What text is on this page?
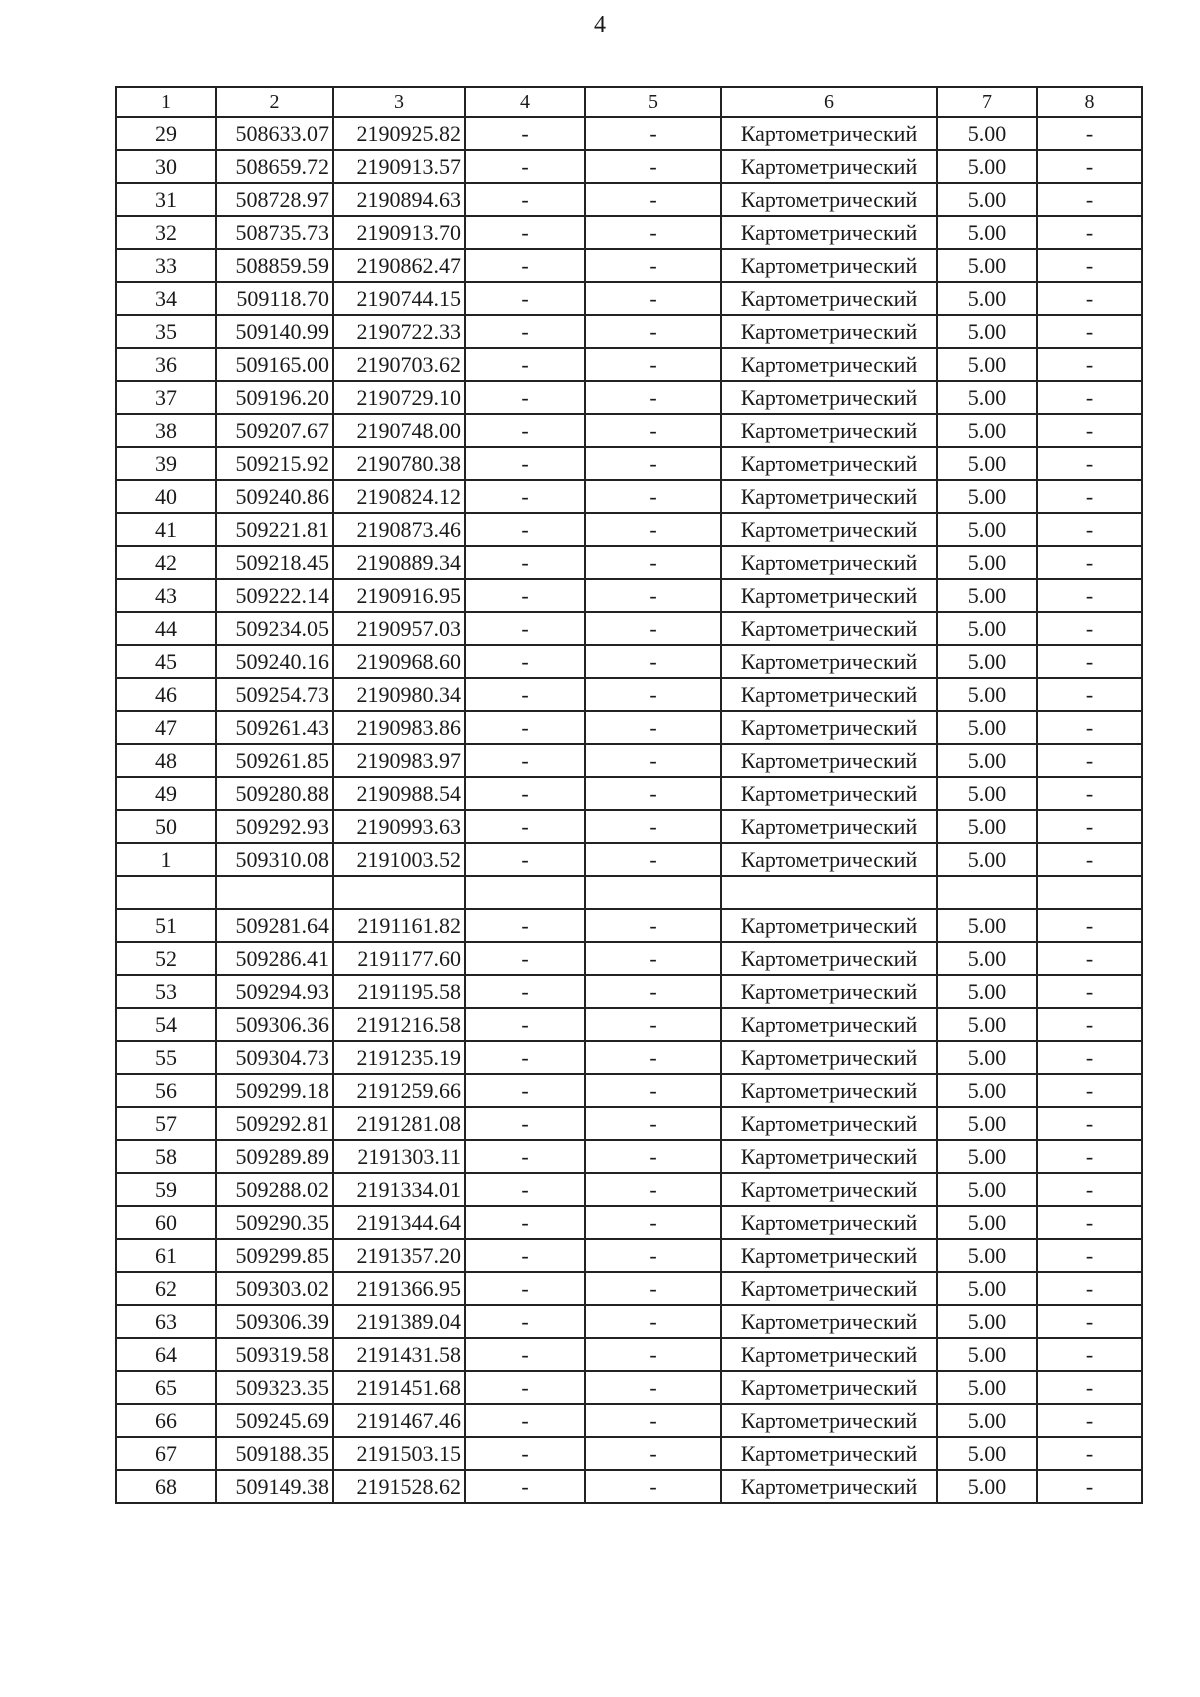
4
1	2	3	4	5	6	7	8
29	508633.07	2190925.82	-	-	Картометрический	5.00	-
30	508659.72	2190913.57	-	-	Картометрический	5.00	-
31	508728.97	2190894.63	-	-	Картометрический	5.00	-
32	508735.73	2190913.70	-	-	Картометрический	5.00	-
33	508859.59	2190862.47	-	-	Картометрический	5.00	-
34	509118.70	2190744.15	-	-	Картометрический	5.00	-
35	509140.99	2190722.33	-	-	Картометрический	5.00	-
36	509165.00	2190703.62	-	-	Картометрический	5.00	-
37	509196.20	2190729.10	-	-	Картометрический	5.00	-
38	509207.67	2190748.00	-	-	Картометрический	5.00	-
39	509215.92	2190780.38	-	-	Картометрический	5.00	-
40	509240.86	2190824.12	-	-	Картометрический	5.00	-
41	509221.81	2190873.46	-	-	Картометрический	5.00	-
42	509218.45	2190889.34	-	-	Картометрический	5.00	-
43	509222.14	2190916.95	-	-	Картометрический	5.00	-
44	509234.05	2190957.03	-	-	Картометрический	5.00	-
45	509240.16	2190968.60	-	-	Картометрический	5.00	-
46	509254.73	2190980.34	-	-	Картометрический	5.00	-
47	509261.43	2190983.86	-	-	Картометрический	5.00	-
48	509261.85	2190983.97	-	-	Картометрический	5.00	-
49	509280.88	2190988.54	-	-	Картометрический	5.00	-
50	509292.93	2190993.63	-	-	Картометрический	5.00	-
1	509310.08	2191003.52	-	-	Картометрический	5.00	-

51	509281.64	2191161.82	-	-	Картометрический	5.00	-
52	509286.41	2191177.60	-	-	Картометрический	5.00	-
53	509294.93	2191195.58	-	-	Картометрический	5.00	-
54	509306.36	2191216.58	-	-	Картометрический	5.00	-
55	509304.73	2191235.19	-	-	Картометрический	5.00	-
56	509299.18	2191259.66	-	-	Картометрический	5.00	-
57	509292.81	2191281.08	-	-	Картометрический	5.00	-
58	509289.89	2191303.11	-	-	Картометрический	5.00	-
59	509288.02	2191334.01	-	-	Картометрический	5.00	-
60	509290.35	2191344.64	-	-	Картометрический	5.00	-
61	509299.85	2191357.20	-	-	Картометрический	5.00	-
62	509303.02	2191366.95	-	-	Картометрический	5.00	-
63	509306.39	2191389.04	-	-	Картометрический	5.00	-
64	509319.58	2191431.58	-	-	Картометрический	5.00	-
65	509323.35	2191451.68	-	-	Картометрический	5.00	-
66	509245.69	2191467.46	-	-	Картометрический	5.00	-
67	509188.35	2191503.15	-	-	Картометрический	5.00	-
68	509149.38	2191528.62	-	-	Картометрический	5.00	-
